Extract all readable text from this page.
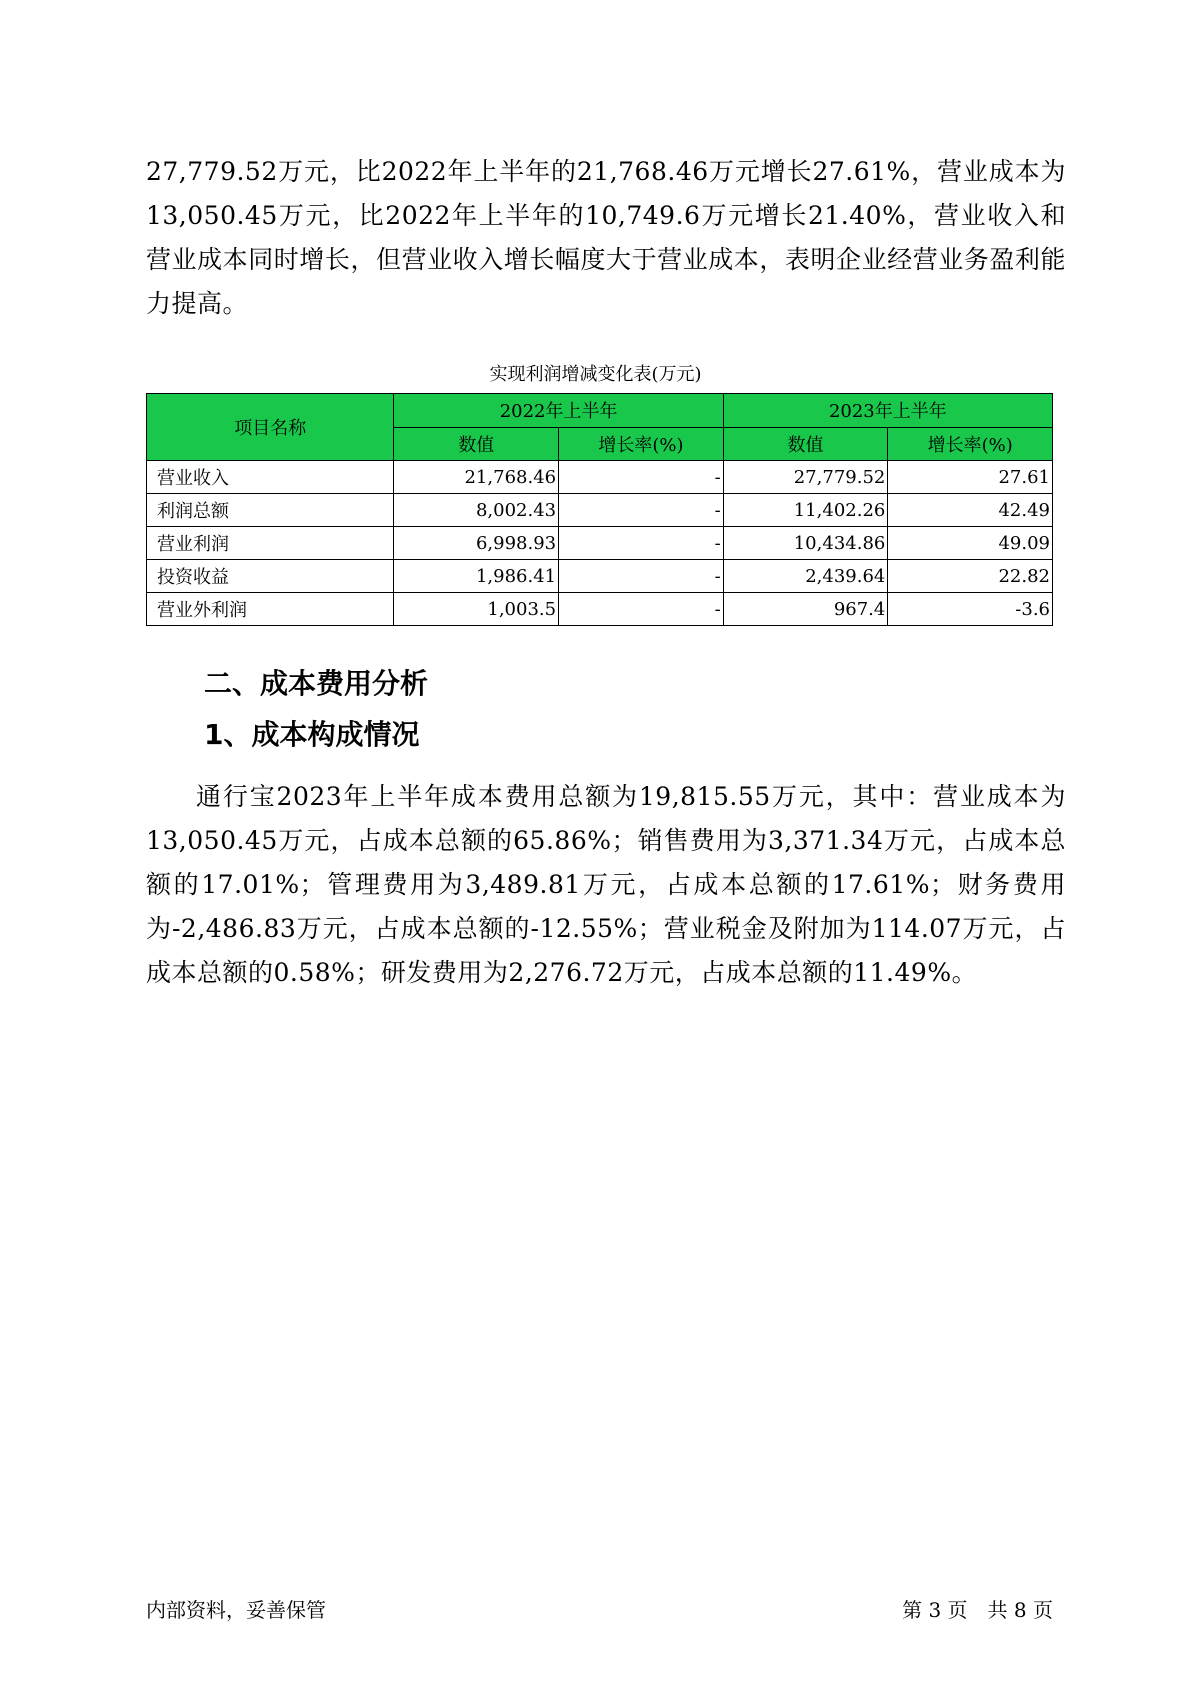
27,779.52万元，比2022年上半年的21,768.46万元增长27.61%，营业成本为13,050.45万元，比2022年上半年的10,749.6万元增长21.40%，营业收入和营业成本同时增长，但营业收入增长幅度大于营业成本，表明企业经营业务盈利能力提高。

实现利润增减变化表(万元)
项目名称	2022年上半年		2023年上半年	
	数值	增长率(%)	数值	增长率(%)
营业收入	21,768.46	-	27,779.52	27.61
利润总额	8,002.43	-	11,402.26	42.49
营业利润	6,998.93	-	10,434.86	49.09
投资收益	1,986.41	-	2,439.64	22.82
营业外利润	1,003.5	-	967.4	-3.6
二、成本费用分析
1、成本构成情况

通行宝2023年上半年成本费用总额为19,815.55万元，其中：营业成本为13,050.45万元，占成本总额的65.86%；销售费用为3,371.34万元，占成本总额的17.01%；管理费用为3,489.81万元，占成本总额的17.61%；财务费用为-2,486.83万元，占成本总额的-12.55%；营业税金及附加为114.07万元，占成本总额的0.58%；研发费用为2,276.72万元，占成本总额的11.49%。

内部资料，妥善保管	第 3 页　共 8 页
